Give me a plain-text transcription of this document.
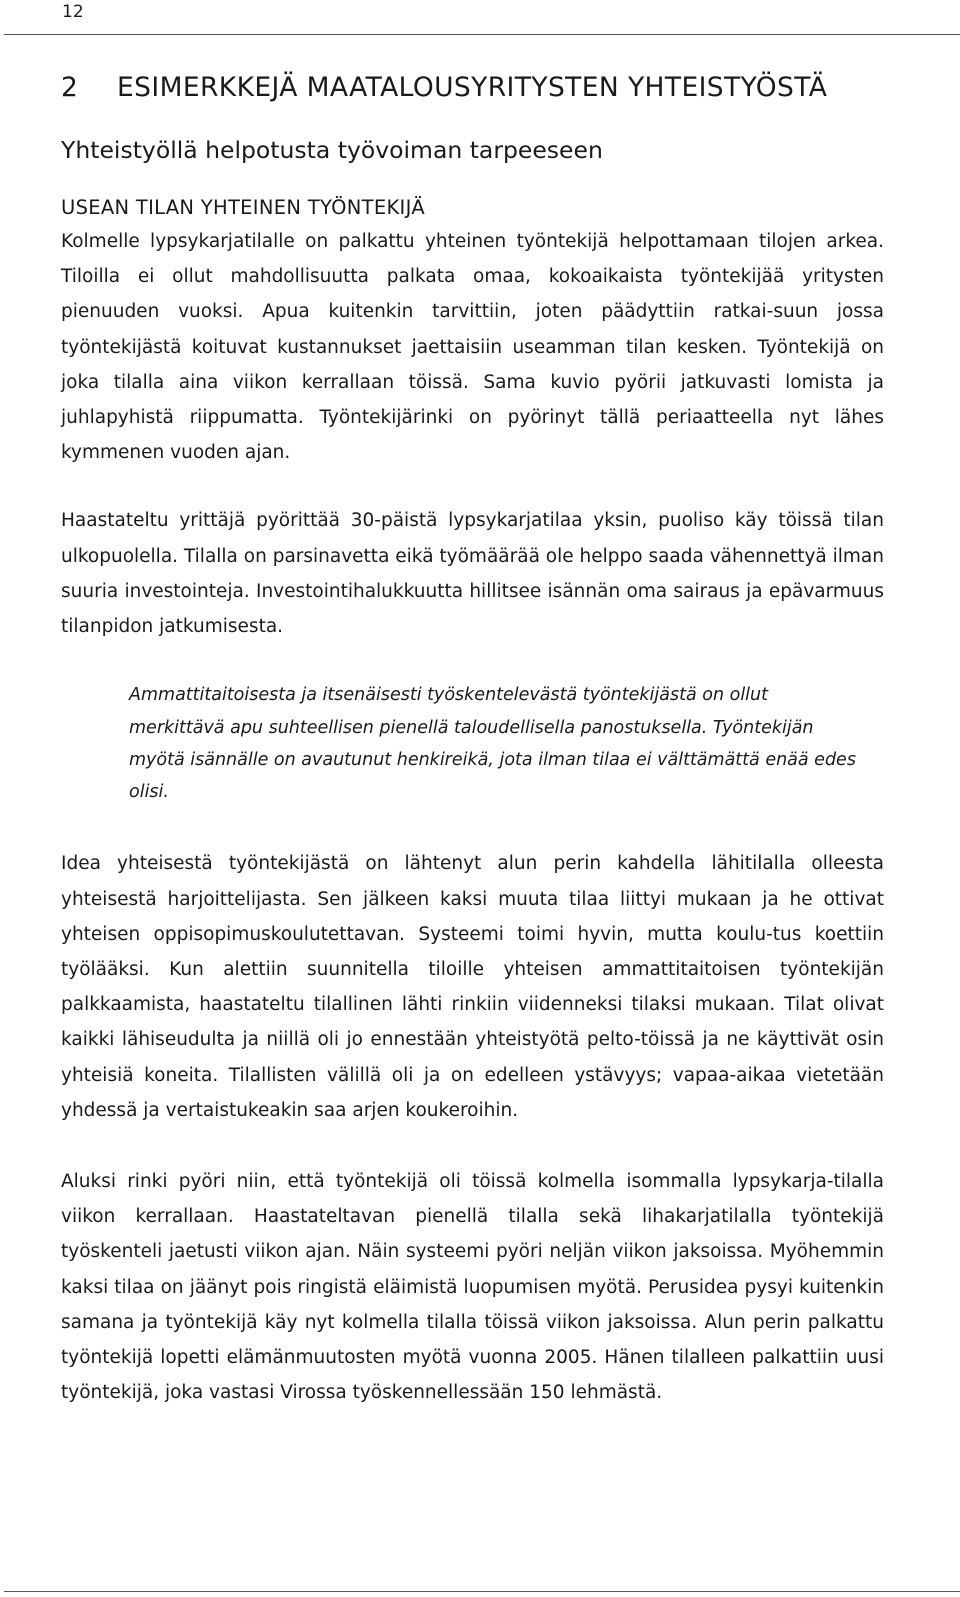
12
2 ESIMERKKEJÄ MAATALOUSYRITYSTEN YHTEISTYÖSTÄ
Yhteistyöllä helpotusta työvoiman tarpeeseen
USEAN TILAN YHTEINEN TYÖNTEKIJÄ

Kolmelle lypsykarjatilalle on palkattu yhteinen työntekijä helpottamaan tilojen arkea. Tiloilla ei ollut mahdollisuutta palkata omaa, kokoaikaista työntekijää yritysten pienuuden vuoksi. Apua kuitenkin tarvittiin, joten päädyttiin ratkai-suun jossa työntekijästä koituvat kustannukset jaettaisiin useamman tilan kesken. Työntekijä on joka tilalla aina viikon kerrallaan töissä. Sama kuvio pyörii jatkuvasti lomista ja juhlapyhistä riippumatta. Työntekijärinki on pyörinyt tällä periaatteella nyt lähes kymmenen vuoden ajan.

Haastateltu yrittäjä pyörittää 30-päistä lypsykarjatilaa yksin, puoliso käy töissä tilan ulkopuolella. Tilalla on parsinavetta eikä työmäärää ole helppo saada vähennettyä ilman suuria investointeja. Investointihalukkuutta hillitsee isännän oma sairaus ja epävarmuus tilanpidon jatkumisesta.

Ammattitaitoisesta ja itsenäisesti työskentelevästä työntekijästä on ollut merkittävä apu suhteellisen pienellä taloudellisella panostuksella. Työntekijän myötä isännälle on avautunut henkireikä, jota ilman tilaa ei välttämättä enää edes olisi.

Idea yhteisestä työntekijästä on lähtenyt alun perin kahdella lähitilalla olleesta yhteisestä harjoittelijasta. Sen jälkeen kaksi muuta tilaa liittyi mukaan ja he ottivat yhteisen oppisopimuskoulutettavan. Systeemi toimi hyvin, mutta koulu-tus koettiin työlääksi. Kun alettiin suunnitella tiloille yhteisen ammattitaitoisen työntekijän palkkaamista, haastateltu tilallinen lähti rinkiin viidenneksi tilaksi mukaan. Tilat olivat kaikki lähiseudulta ja niillä oli jo ennestään yhteistyötä pelto-töissä ja ne käyttivät osin yhteisiä koneita. Tilallisten välillä oli ja on edelleen ystävyys; vapaa-aikaa vietetään yhdessä ja vertaistukeakin saa arjen koukeroihin.

Aluksi rinki pyöri niin, että työntekijä oli töissä kolmella isommalla lypsykarja-tilalla viikon kerrallaan. Haastateltavan pienellä tilalla sekä lihakarjatilalla työntekijä työskenteli jaetusti viikon ajan. Näin systeemi pyöri neljän viikon jaksoissa. Myöhemmin kaksi tilaa on jäänyt pois ringistä eläimistä luopumisen myötä. Perusidea pysyi kuitenkin samana ja työntekijä käy nyt kolmella tilalla töissä viikon jaksoissa. Alun perin palkattu työntekijä lopetti elämänmuutosten myötä vuonna 2005. Hänen tilalleen palkattiin uusi työntekijä, joka vastasi Virossa työskennellessään 150 lehmästä.
